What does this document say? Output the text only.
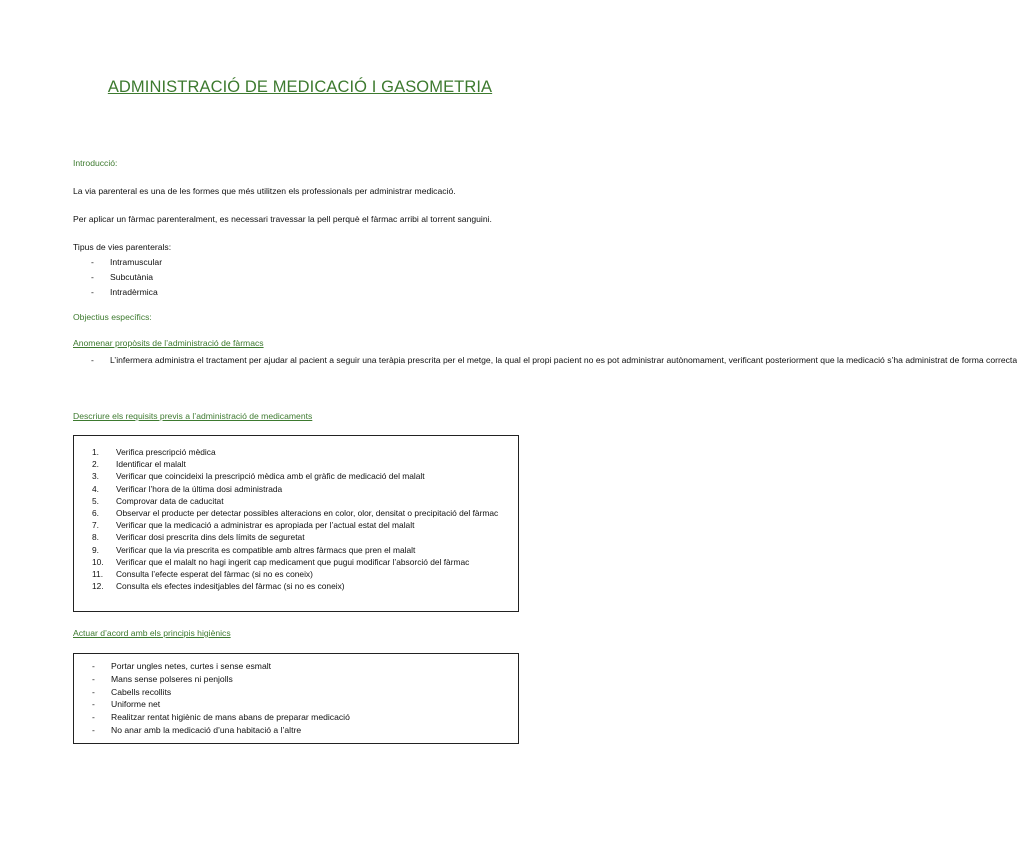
ADMINISTRACIÓ DE MEDICACIÓ I GASOMETRIA
Introducció:
La via parenteral es una de les formes que més utilitzen els professionals per administrar medicació.
Per aplicar un fàrmac parenteralment, es necessari travessar la pell perquè el fàrmac arribi al torrent sanguini.
Tipus de vies parenterals:
- Intramuscular
- Subcutània
- Intradèrmica
Objectius específics:
Anomenar propòsits de l’administració de fàrmacs
- L’infermera administra el tractament per ajudar al pacient a seguir una teràpia prescrita per el metge, la qual el propi pacient no es pot administrar autònomament, verificant posteriorment que la medicació s’ha administrat de forma correcta
Descriure els requisits previs a l’administració de medicaments
1.	Verifica prescripció mèdica
2.	Identificar el malalt
3.	Verificar que coincideixi la prescripció mèdica amb el gràfic de medicació del malalt
4.	Verificar l’hora de la última dosi administrada
5.	Comprovar data de caducitat
6.	Observar el producte per detectar possibles alteracions en color, olor, densitat o precipitació del fàrmac
7.	Verificar que la medicació a administrar es apropiada per l’actual estat del malalt
8.	Verificar dosi prescrita dins dels límits de seguretat
9.	Verificar que la via prescrita es compatible amb altres fàrmacs que pren el malalt
10.	Verificar que el malalt no hagi ingerit cap medicament que pugui modificar l’absorció del fàrmac
11.	Consulta l’efecte esperat del fàrmac (si no es coneix)
12.	Consulta els efectes indesitjables del fàrmac (si no es coneix)
Actuar d’acord amb els principis higiènics
- Portar ungles netes, curtes i sense esmalt
- Mans sense polseres ni penjolls
- Cabells recollits
- Uniforme net
- Realitzar rentat higiènic de mans abans de preparar medicació
- No anar amb la medicació d’una habitació a l’altre
